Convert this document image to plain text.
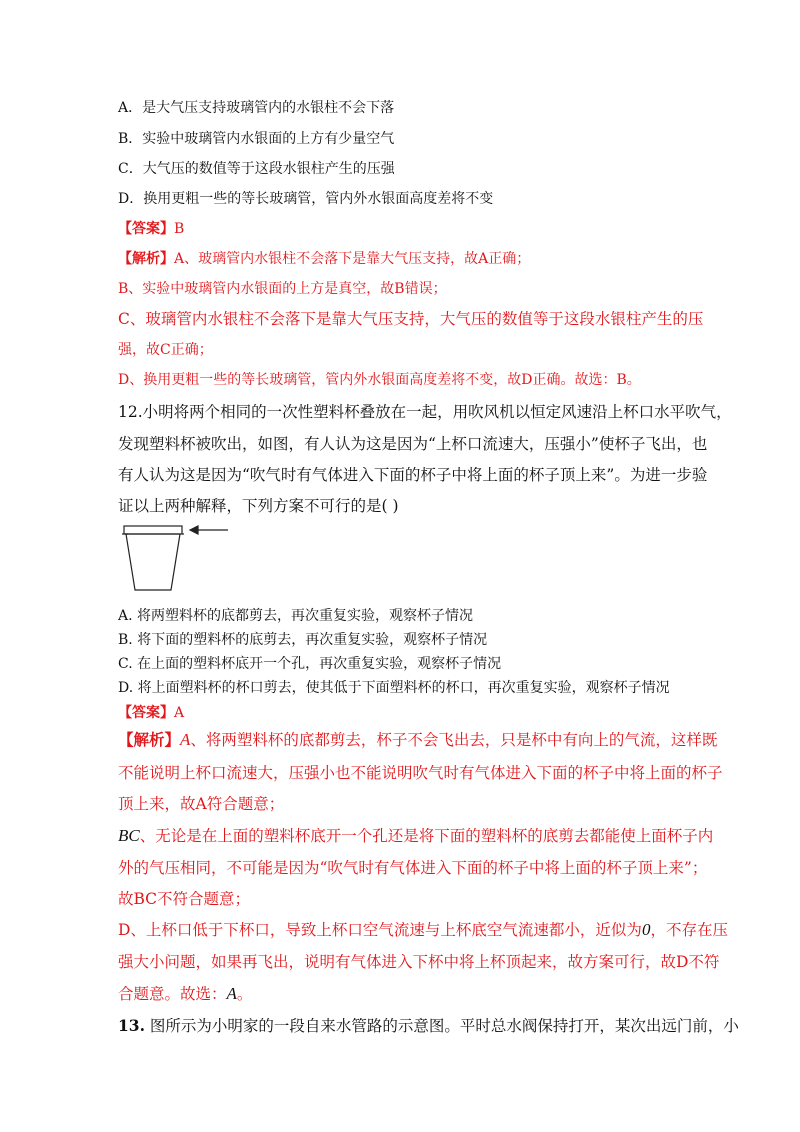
A．是大气压支持玻璃管内的水银柱不会下落
B．实验中玻璃管内水银面的上方有少量空气
C．大气压的数值等于这段水银柱产生的压强
D．换用更粗一些的等长玻璃管，管内外水银面高度差将不变
【答案】B
【解析】A、玻璃管内水银柱不会落下是靠大气压支持，故A正确；
B、实验中玻璃管内水银面的上方是真空，故B错误；
C、玻璃管内水银柱不会落下是靠大气压支持，大气压的数值等于这段水银柱产生的压
强，故C正确；
D、换用更粗一些的等长玻璃管，管内外水银面高度差将不变，故D正确。故选：B。
12.小明将两个相同的一次性塑料杯叠放在一起，用吹风机以恒定风速沿上杯口水平吹气，
发现塑料杯被吹出，如图，有人认为这是因为“上杯口流速大，压强小”使杯子飞出，也
有人认为这是因为“吹气时有气体进入下面的杯子中将上面的杯子顶上来”。为进一步验
证以上两种解释，下列方案不可行的是( )
A. 将两塑料杯的底都剪去，再次重复实验，观察杯子情况
B. 将下面的塑料杯的底剪去，再次重复实验，观察杯子情况
C. 在上面的塑料杯底开一个孔，再次重复实验，观察杯子情况
D. 将上面塑料杯的杯口剪去，使其低于下面塑料杯的杯口，再次重复实验，观察杯子情况
【答案】A
【解析】A、将两塑料杯的底都剪去，杯子不会飞出去，只是杯中有向上的气流，这样既
不能说明上杯口流速大，压强小也不能说明吹气时有气体进入下面的杯子中将上面的杯子
顶上来，故A符合题意；
BC、无论是在上面的塑料杯底开一个孔还是将下面的塑料杯的底剪去都能使上面杯子内
外的气压相同，不可能是因为“吹气时有气体进入下面的杯子中将上面的杯子顶上来”；
故BC不符合题意；
D、上杯口低于下杯口，导致上杯口空气流速与上杯底空气流速都小，近似为0，不存在压
强大小问题，如果再飞出，说明有气体进入下杯中将上杯顶起来，故方案可行，故D不符
合题意。故选：A。
13. 图所示为小明家的一段自来水管路的示意图。平时总水阀保持打开，某次出远门前，小
